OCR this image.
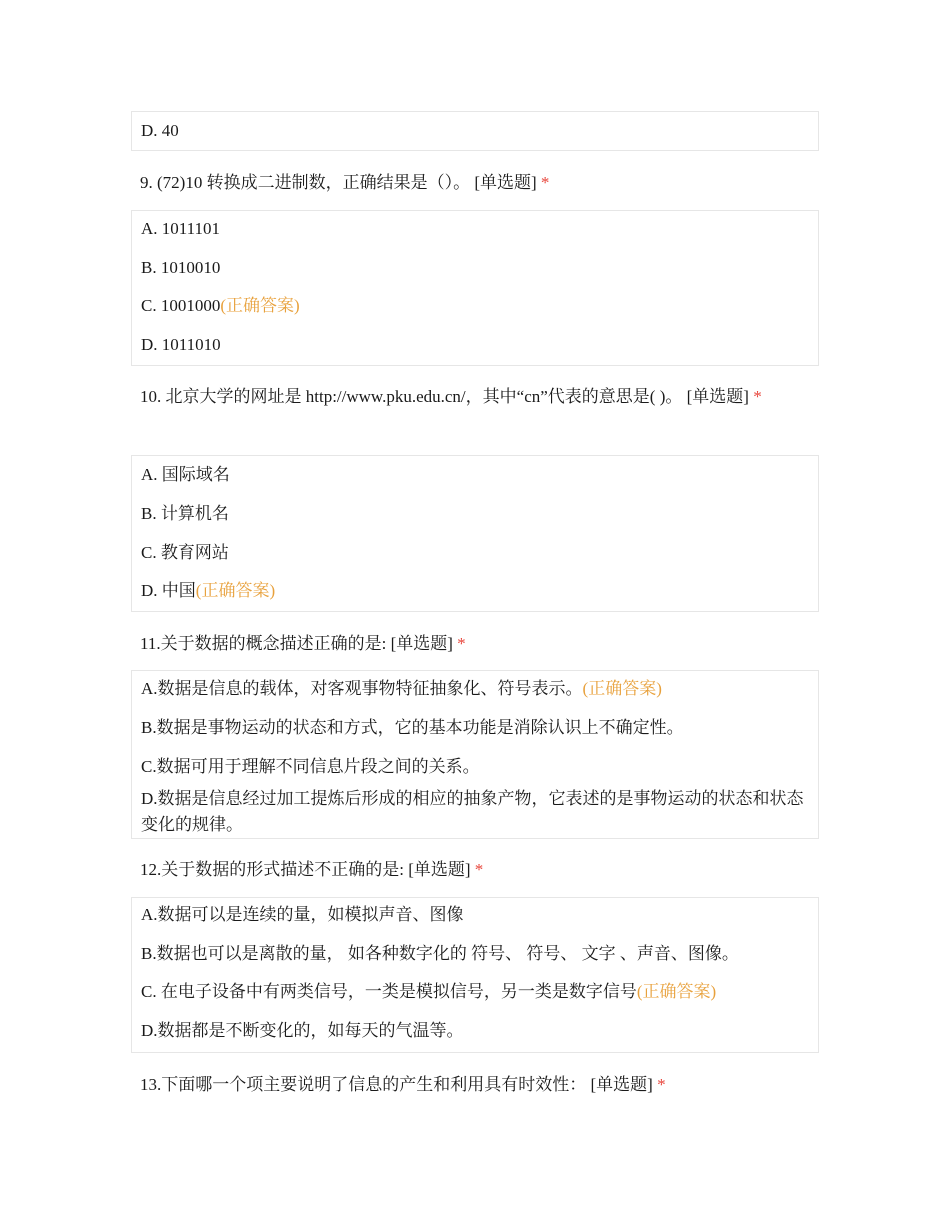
D. 40
9. (72)10 转换成二进制数，正确结果是（）。 [单选题] *
A. 1011101
B. 1010010
C. 1001000(正确答案)
D. 1011010
10. 北京大学的网址是 http://www.pku.edu.cn/，其中“cn”代表的意思是( )。 [单选题] *
A. 国际域名
B. 计算机名
C. 教育网站
D. 中国(正确答案)
11.关于数据的概念描述正确的是: [单选题] *
A.数据是信息的载体，对客观事物特征抽象化、符号表示。(正确答案)
B.数据是事物运动的状态和方式，它的基本功能是消除认识上不确定性。
C.数据可用于理解不同信息片段之间的关系。
D.数据是信息经过加工提炼后形成的相应的抽象产物，它表述的是事物运动的状态和状态变化的规律。
12.关于数据的形式描述不正确的是: [单选题] *
A.数据可以是连续的量，如模拟声音、图像
B.数据也可以是离散的量， 如各种数字化的 符号、 符号、 文字 、声音、图像。
C. 在电子设备中有两类信号，一类是模拟信号，另一类是数字信号(正确答案)
D.数据都是不断变化的，如每天的气温等。
13.下面哪一个项主要说明了信息的产生和利用具有时效性： [单选题] *
